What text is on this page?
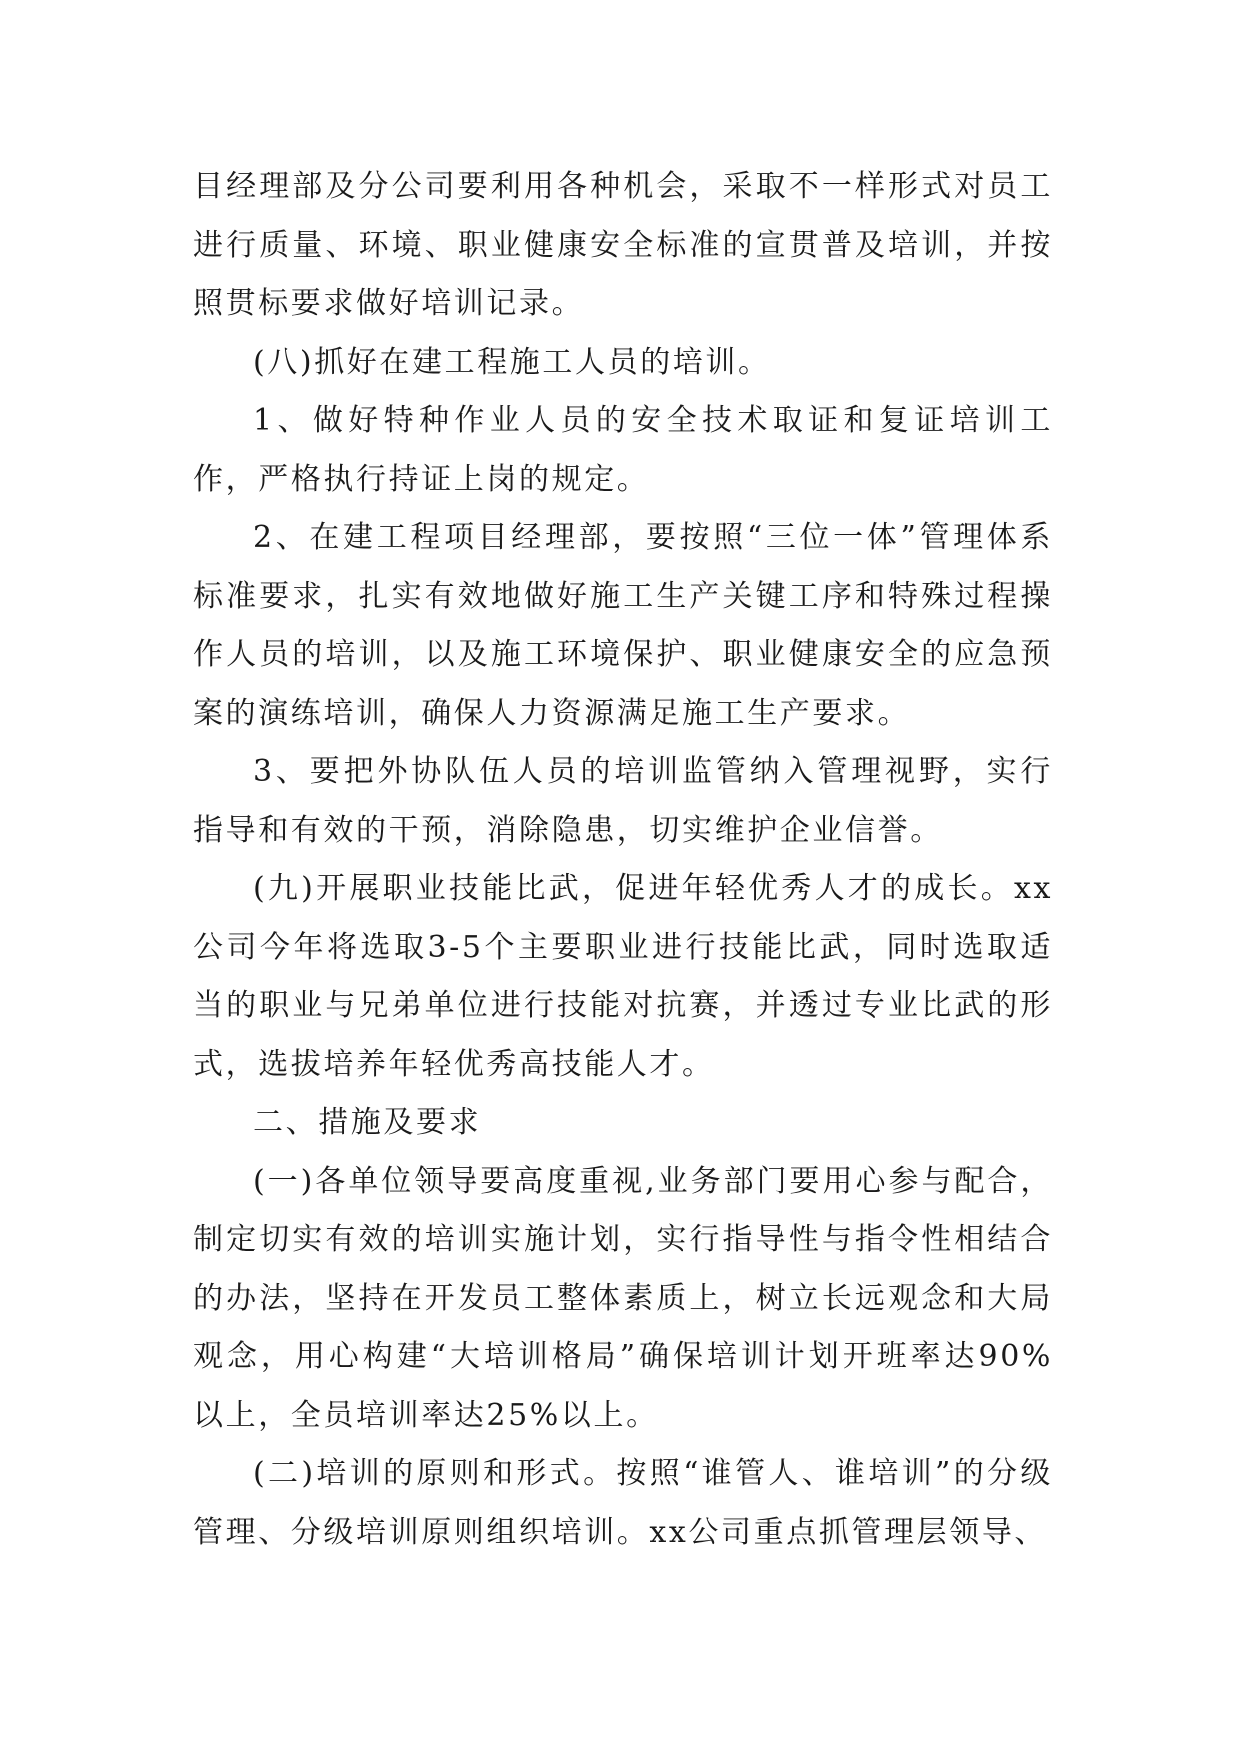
目经理部及分公司要利用各种机会，采取不一样形式对员工进行质量、环境、职业健康安全标准的宣贯普及培训，并按照贯标要求做好培训记录。

(八)抓好在建工程施工人员的培训。

1、做好特种作业人员的安全技术取证和复证培训工作，严格执行持证上岗的规定。

2、在建工程项目经理部，要按照“三位一体”管理体系标准要求，扎实有效地做好施工生产关键工序和特殊过程操作人员的培训，以及施工环境保护、职业健康安全的应急预案的演练培训，确保人力资源满足施工生产要求。

3、要把外协队伍人员的培训监管纳入管理视野，实行指导和有效的干预，消除隐患，切实维护企业信誉。

(九)开展职业技能比武，促进年轻优秀人才的成长。xx公司今年将选取3-5个主要职业进行技能比武，同时选取适当的职业与兄弟单位进行技能对抗赛，并透过专业比武的形式，选拔培养年轻优秀高技能人才。

二、措施及要求

(一)各单位领导要高度重视,业务部门要用心参与配合，制定切实有效的培训实施计划，实行指导性与指令性相结合的办法，坚持在开发员工整体素质上，树立长远观念和大局观念，用心构建“大培训格局”确保培训计划开班率达90%以上，全员培训率达25%以上。

(二)培训的原则和形式。按照“谁管人、谁培训”的分级管理、分级培训原则组织培训。xx公司重点抓管理层领导、
